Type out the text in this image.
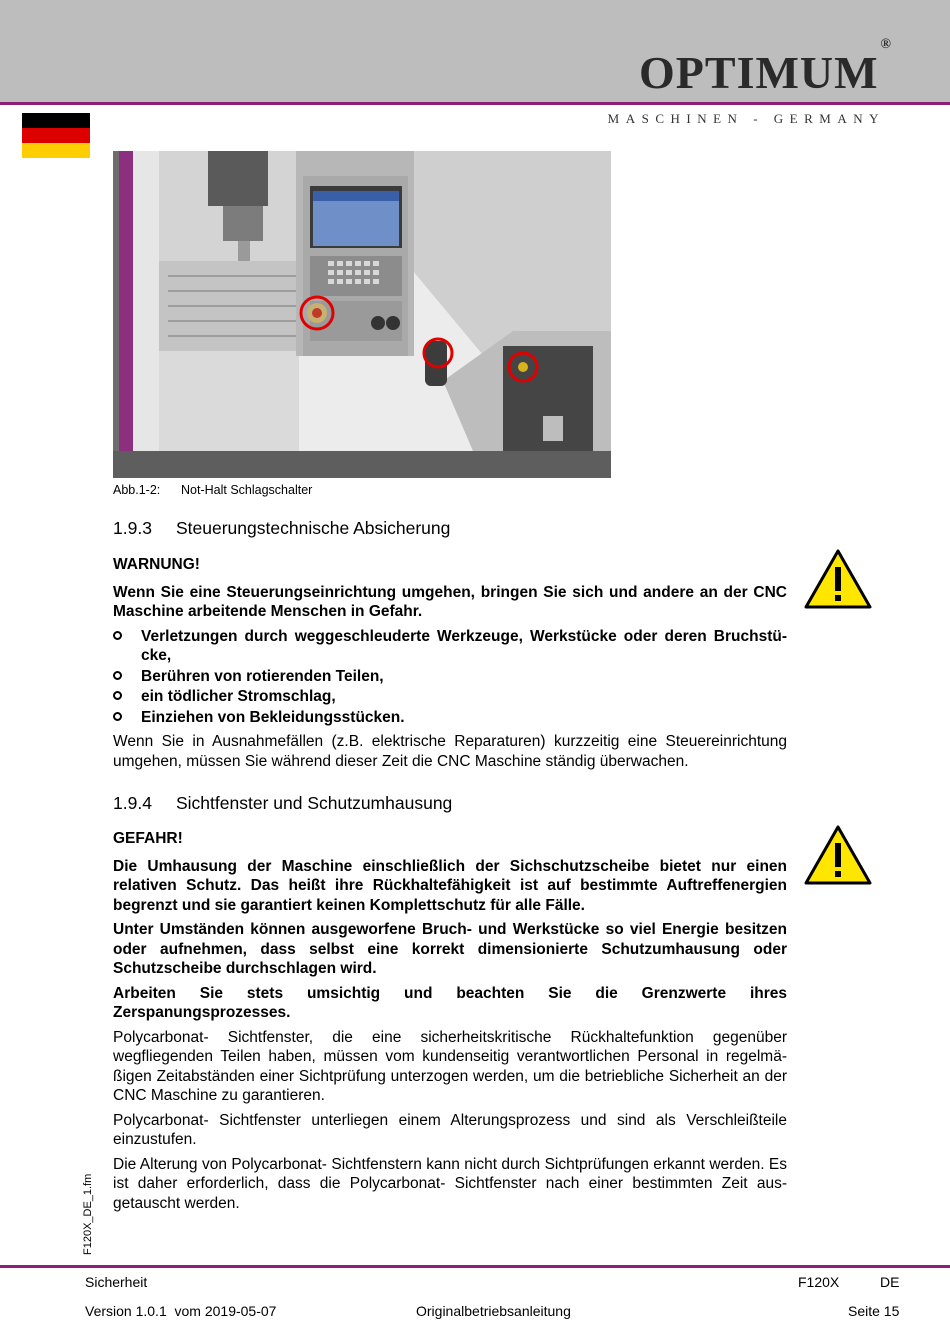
OPTIMUM®
MASCHINEN - GERMANY
Abb.1-2: Not-Halt Schlagschalter
1.9.3 Steuerungstechnische Absicherung
WARNUNG!

Wenn Sie eine Steuerungseinrichtung umgehen, bringen Sie sich und andere an der CNC Maschine arbeitende Menschen in Gefahr.

Verletzungen durch weggeschleuderte Werkzeuge, Werkstücke oder deren Bruchstü-cke,
Berühren von rotierenden Teilen,
ein tödlicher Stromschlag,
Einziehen von Bekleidungsstücken.

Wenn Sie in Ausnahmefällen (z.B. elektrische Reparaturen) kurzzeitig eine Steuereinrichtung umgehen, müssen Sie während dieser Zeit die CNC Maschine ständig überwachen.

1.9.4 Sichtfenster und Schutzumhausung
GEFAHR!

Die Umhausung der Maschine einschließlich der Sichschutzscheibe bietet nur einen relativen Schutz. Das heißt ihre Rückhaltefähigkeit ist auf bestimmte Auftreffenergien begrenzt und sie garantiert keinen Komplettschutz für alle Fälle.

Unter Umständen können ausgeworfene Bruch- und Werkstücke so viel Energie besitzen oder aufnehmen, dass selbst eine korrekt dimensionierte Schutzumhausung oder Schutzscheibe durchschlagen wird.

Arbeiten Sie stets umsichtig und beachten Sie die Grenzwerte ihres Zerspanungsprozesses.

Polycarbonat- Sichtfenster, die eine sicherheitskritische Rückhaltefunktion gegenüber wegfliegenden Teilen haben, müssen vom kundenseitig verantwortlichen Personal in regelmä-ßigen Zeitabständen einer Sichtprüfung unterzogen werden, um die betriebliche Sicherheit an der CNC Maschine zu garantieren.

Polycarbonat- Sichtfenster unterliegen einem Alterungsprozess und sind als Verschleißteile einzustufen.

Die Alterung von Polycarbonat- Sichtfenstern kann nicht durch Sichtprüfungen erkannt werden. Es ist daher erforderlich, dass die Polycarbonat- Sichtfenster nach einer bestimmten Zeit aus-getauscht werden.

F120X_DE_1.fm
Sicherheit	F120X	DE
Version 1.0.1  vom 2019-05-07	Originalbetriebsanleitung	Seite 15
